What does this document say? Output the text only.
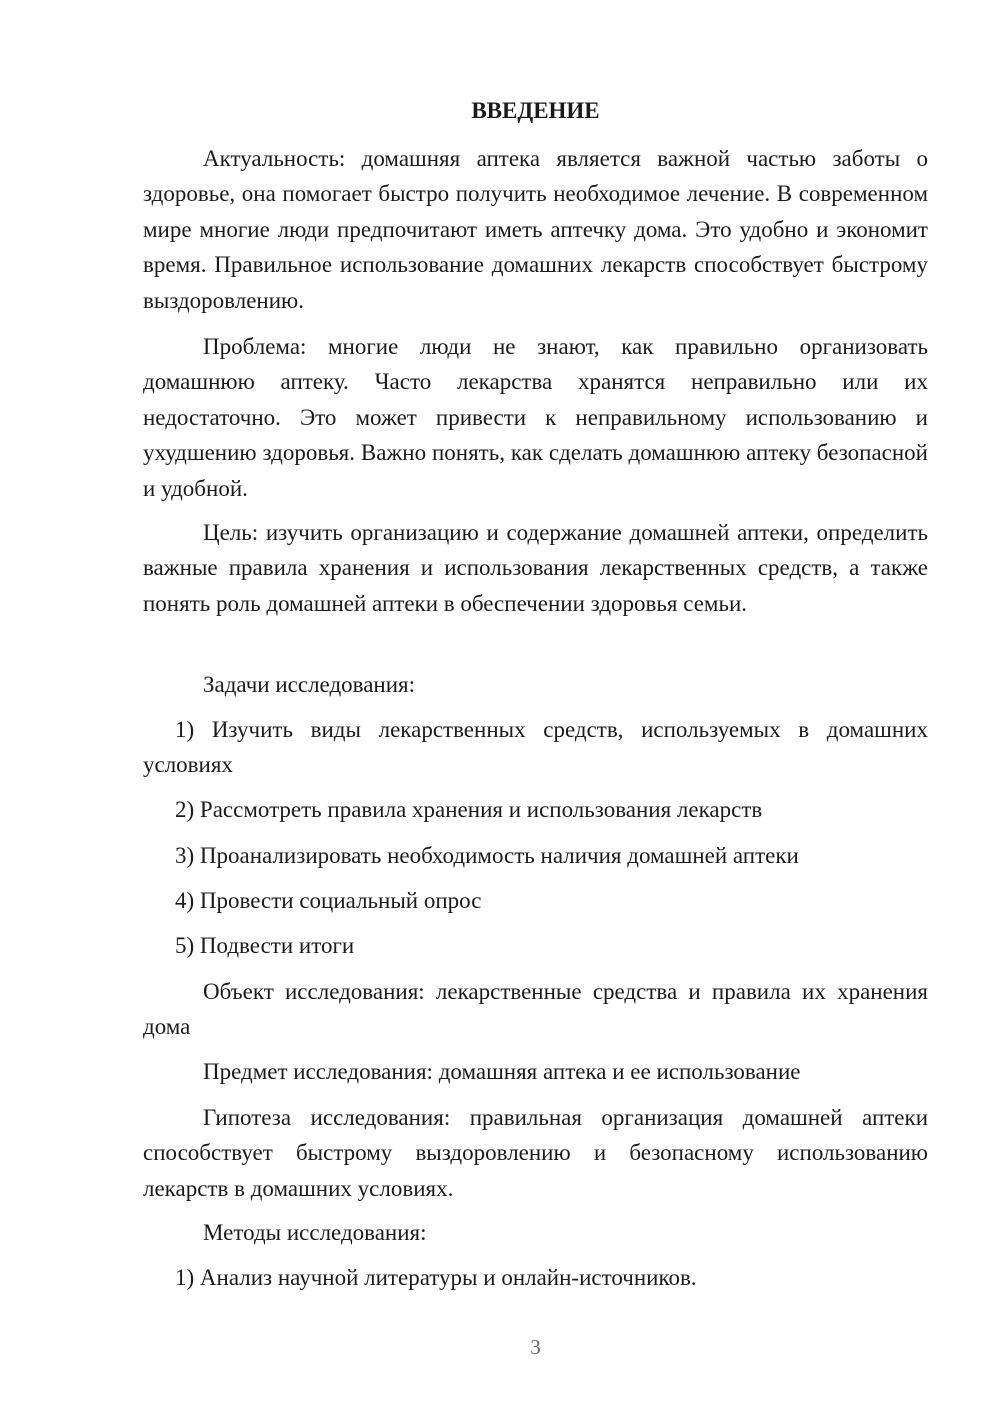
ВВЕДЕНИЕ

Актуальность: домашняя аптека является важной частью заботы о здоровье, она помогает быстро получить необходимое лечение. В современном мире многие люди предпочитают иметь аптечку дома. Это удобно и экономит время. Правильное использование домашних лекарств способствует быстрому выздоровлению.

Проблема: многие люди не знают, как правильно организовать домашнюю аптеку. Часто лекарства хранятся неправильно или их недостаточно. Это может привести к неправильному использованию и ухудшению здоровья. Важно понять, как сделать домашнюю аптеку безопасной и удобной.

Цель: изучить организацию и содержание домашней аптеки, определить важные правила хранения и использования лекарственных средств, а также понять роль домашней аптеки в обеспечении здоровья семьи.

Задачи исследования:

1) Изучить виды лекарственных средств, используемых в домашних условиях

2) Рассмотреть правила хранения и использования лекарств

3) Проанализировать необходимость наличия домашней аптеки

4) Провести социальный опрос

5) Подвести итоги

Объект исследования: лекарственные средства и правила их хранения дома

Предмет исследования: домашняя аптека и ее использование

Гипотеза исследования: правильная организация домашней аптеки способствует быстрому выздоровлению и безопасному использованию лекарств в домашних условиях.

Методы исследования:

1) Анализ научной литературы и онлайн-источников.

3
